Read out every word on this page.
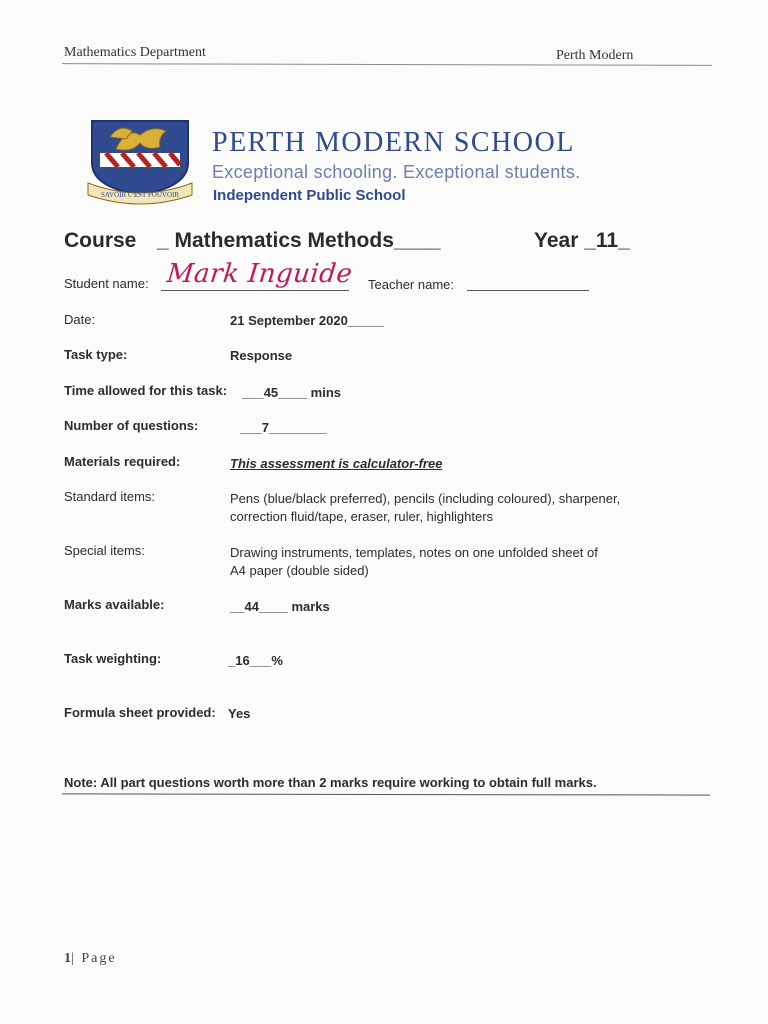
Mathematics Department	Perth Modern
SAVOIR C'EST POUVOIR
PERTH MODERN SCHOOL
Exceptional schooling. Exceptional students.
Independent Public School
Course _ Mathematics Methods____	Year _11_
Student name: Mark Inguide Teacher name:
Date:	21 September 2020_____
Task type:	Response
Time allowed for this task: ___45____ mins
Number of questions:	___7________
Materials required:	This assessment is calculator-free
Standard items:	Pens (blue/black preferred), pencils (including coloured), sharpener,
correction fluid/tape, eraser, ruler, highlighters
Special items:	Drawing instruments, templates, notes on one unfolded sheet of
A4 paper (double sided)
Marks available:	__44____ marks
Task weighting:	_16___%
Formula sheet provided: Yes
Note: All part questions worth more than 2 marks require working to obtain full marks.
1| Page
